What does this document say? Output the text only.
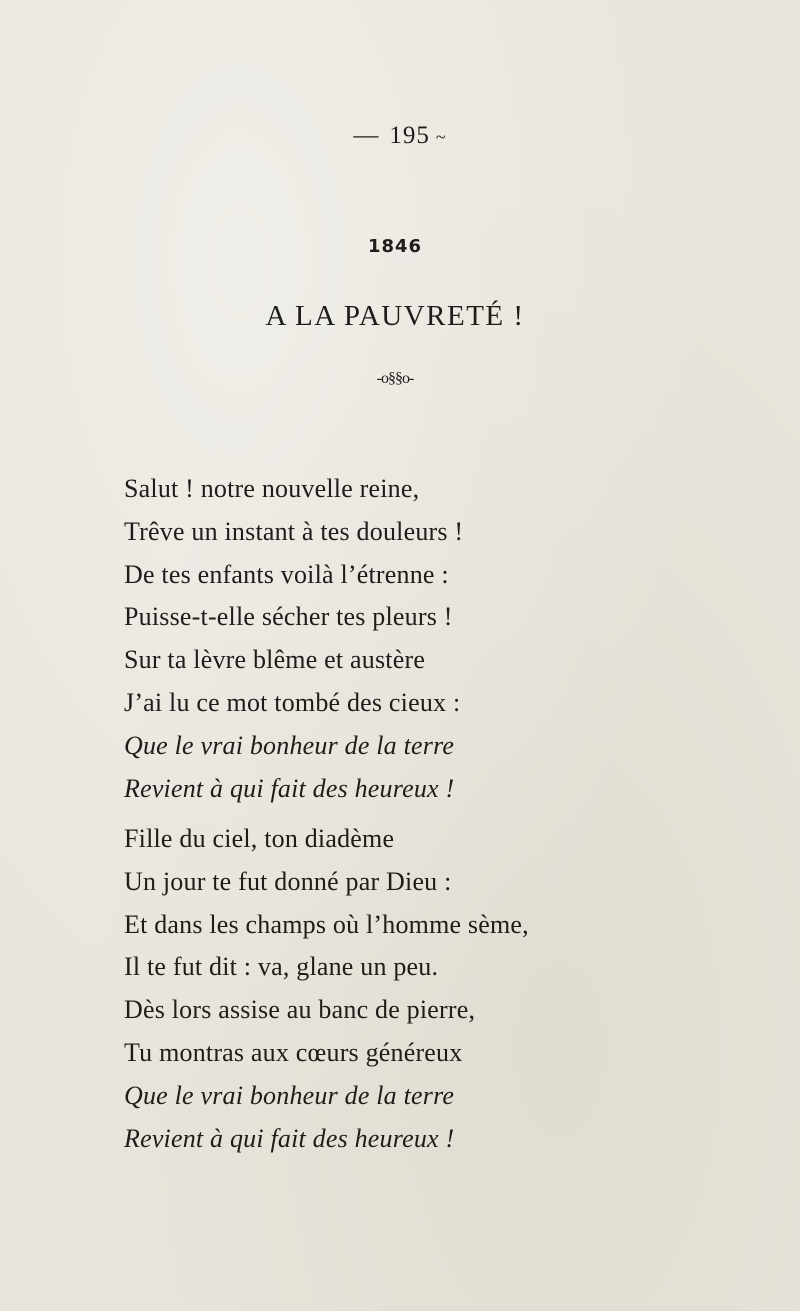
— 195 ~
1846
A LA PAUVRETÉ !
-o§§o-
Salut ! notre nouvelle reine,
Trêve un instant à tes douleurs !
De tes enfants voilà l’étrenne :
Puisse-t-elle sécher tes pleurs !
Sur ta lèvre blême et austère
J’ai lu ce mot tombé des cieux :
Que le vrai bonheur de la terre
Revient à qui fait des heureux !
Fille du ciel, ton diadème
Un jour te fut donné par Dieu :
Et dans les champs où l’homme sème,
Il te fut dit : va, glane un peu.
Dès lors assise au banc de pierre,
Tu montras aux cœurs généreux
Que le vrai bonheur de la terre
Revient à qui fait des heureux !
